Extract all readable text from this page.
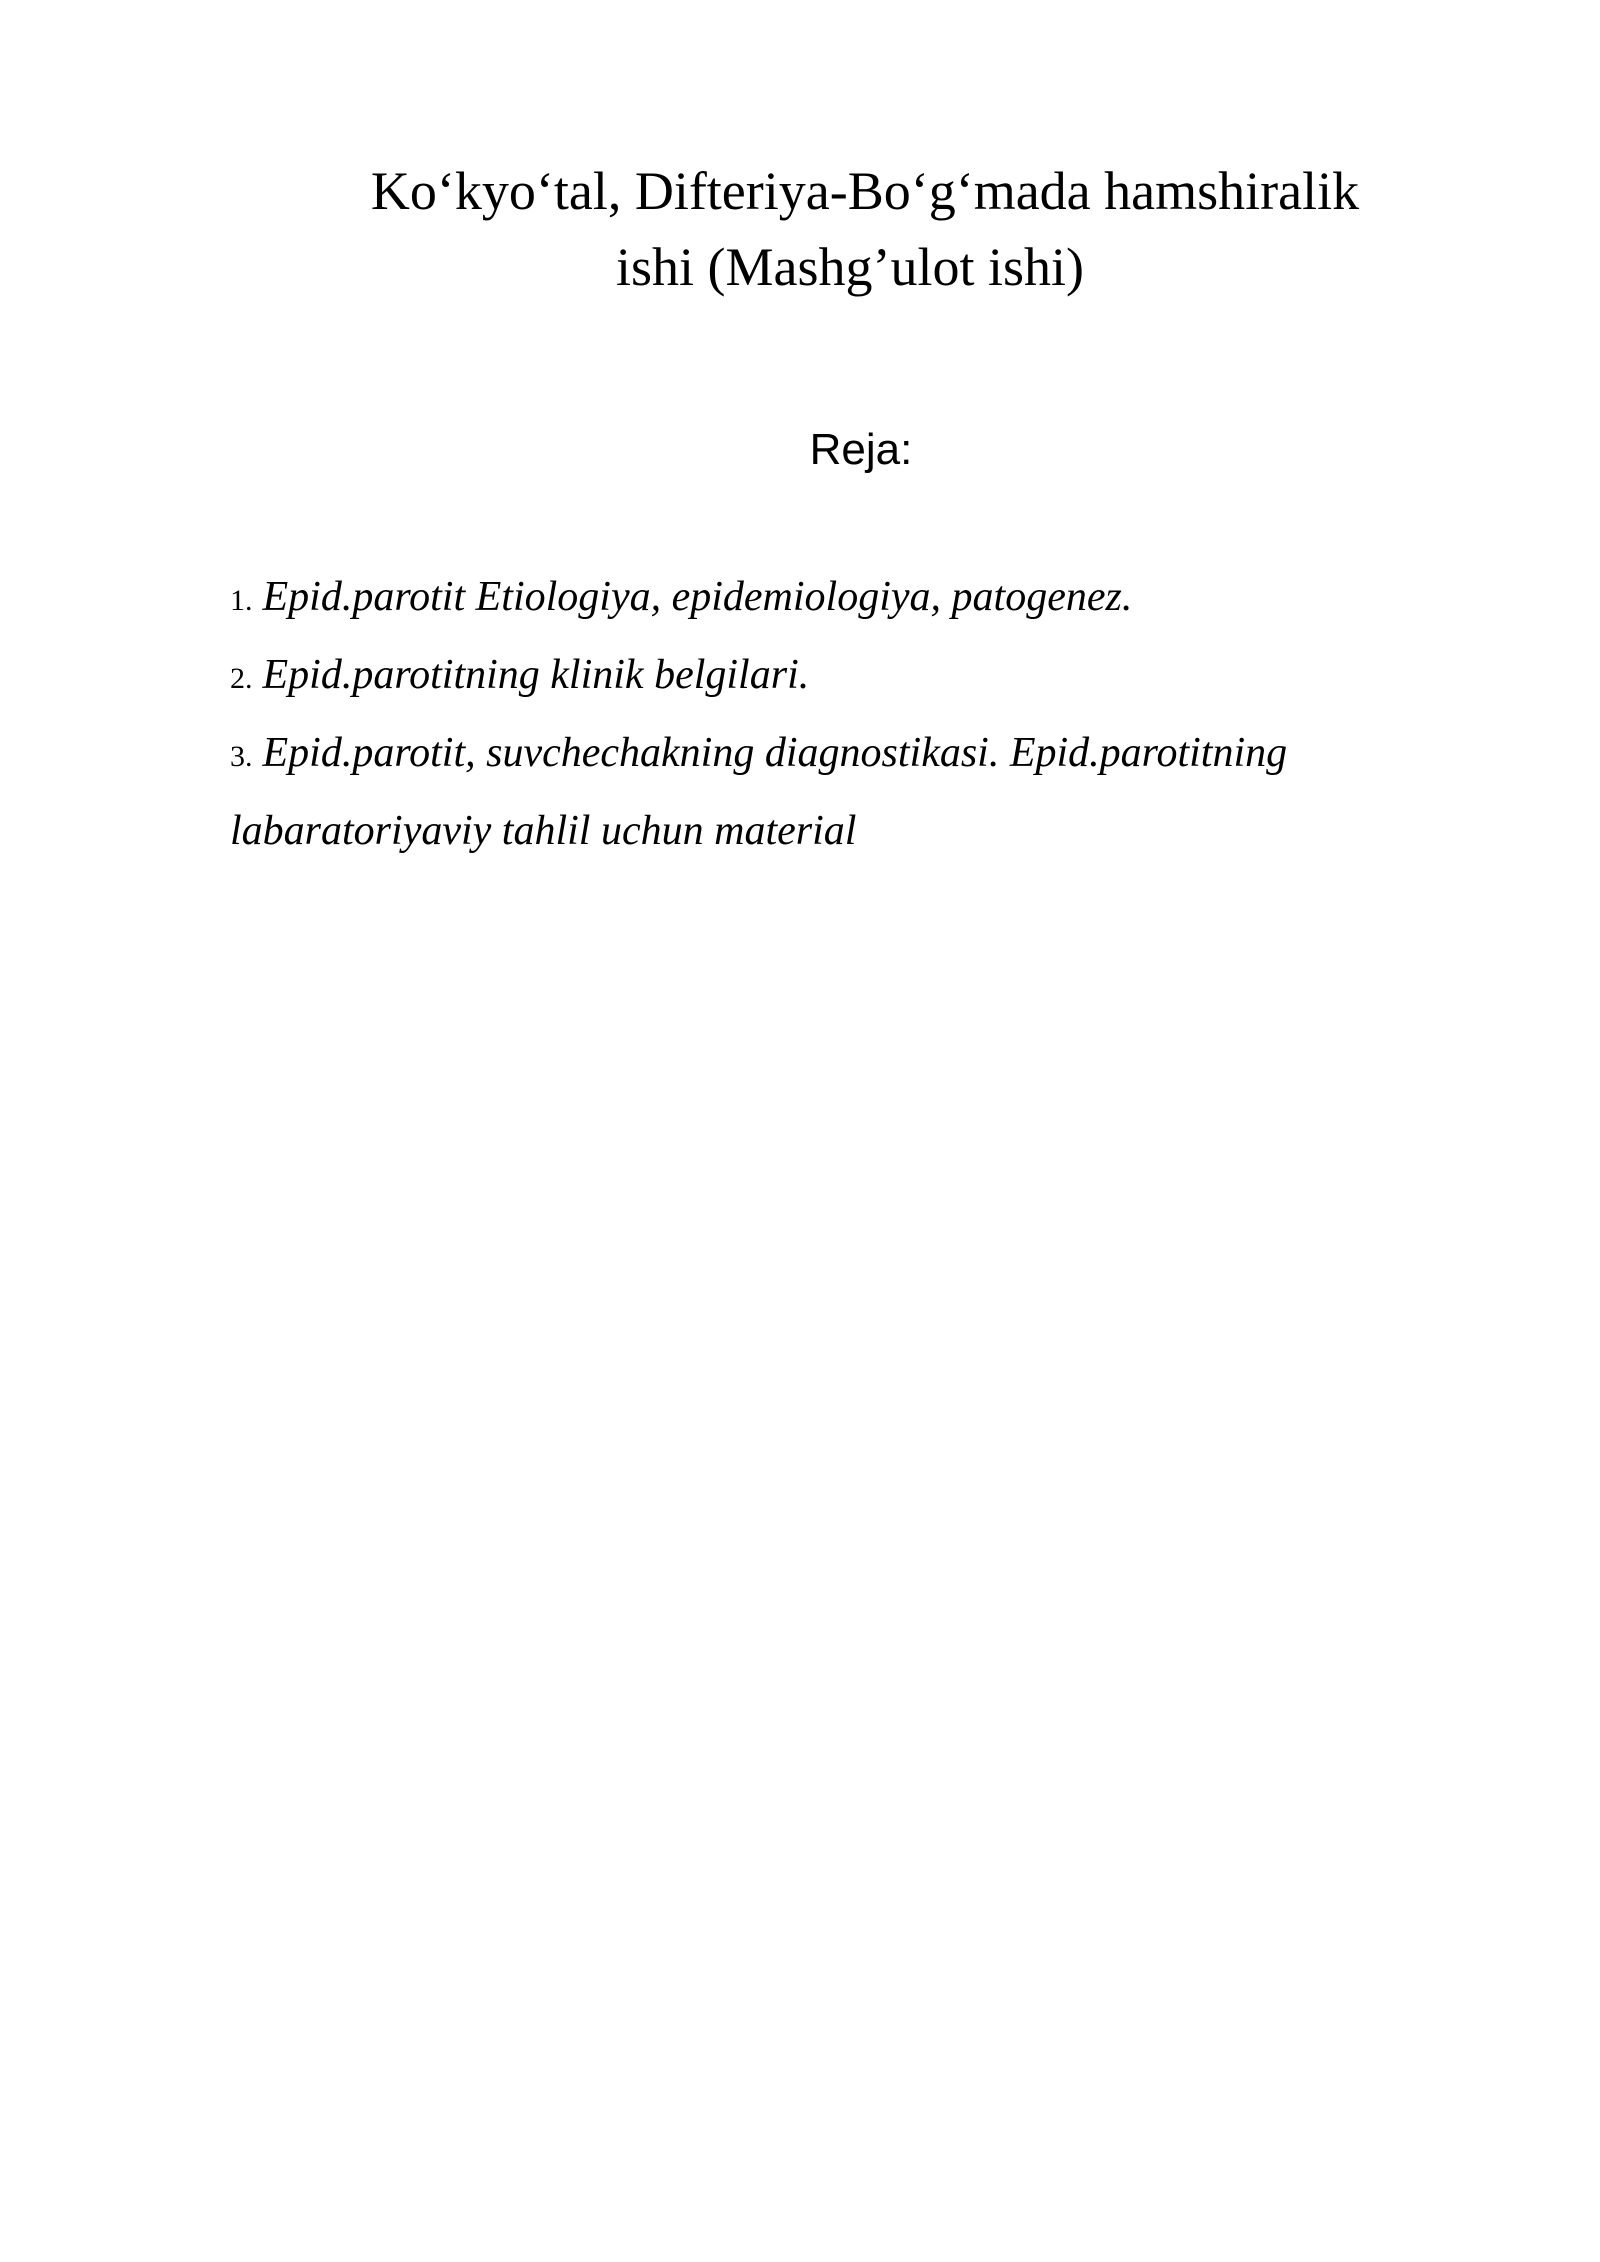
Ko‘kyo‘tal, Difteriya-Bo‘g‘mada hamshiralik
ishi (Mashg’ulot ishi)
Reja:
1. Epid.parotit Etiologiya, epidemiologiya, patogenez.
2. Epid.parotitning klinik belgilari.
3. Epid.parotit, suvchechakning diagnostikasi. Epid.parotitning labaratoriyaviy tahlil uchun material
